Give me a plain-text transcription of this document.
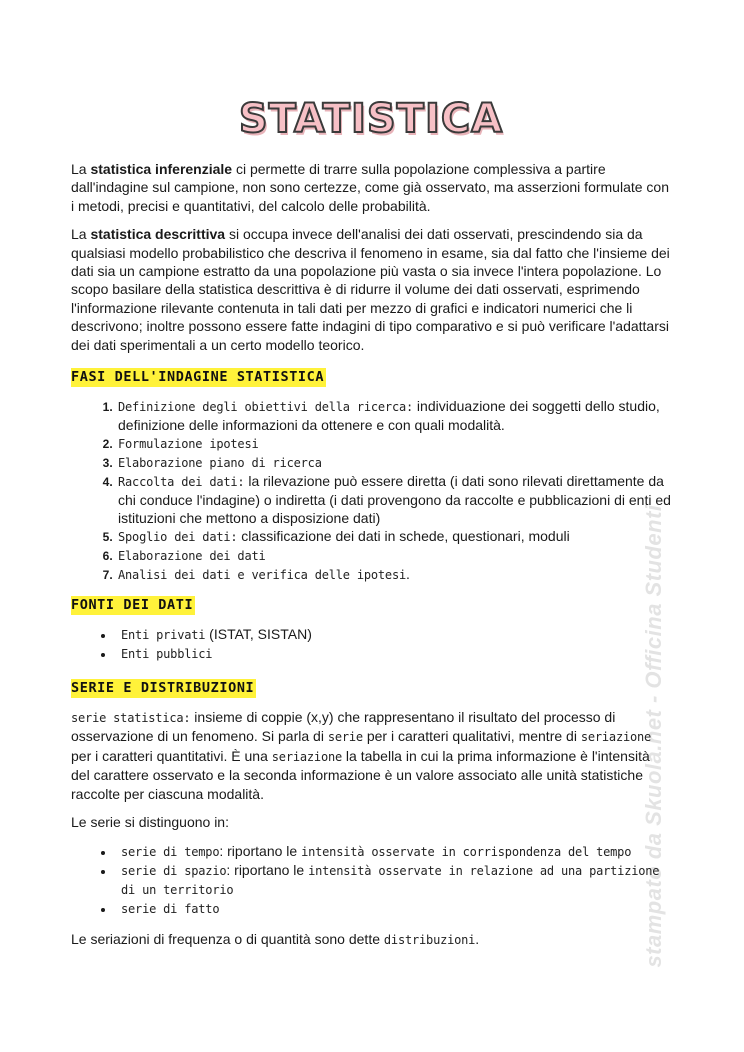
stampato da Skuola.net - Officina Studenti
STATISTICA

La statistica inferenziale ci permette di trarre sulla popolazione complessiva a partire dall'indagine sul campione, non sono certezze, come già osservato, ma asserzioni formulate con i metodi, precisi e quantitativi, del calcolo delle probabilità.

La statistica descrittiva si occupa invece dell'analisi dei dati osservati, prescindendo sia da qualsiasi modello probabilistico che descriva il fenomeno in esame, sia dal fatto che l'insieme dei dati sia un campione estratto da una popolazione più vasta o sia invece l'intera popolazione. Lo scopo basilare della statistica descrittiva è di ridurre il volume dei dati osservati, esprimendo l'informazione rilevante contenuta in tali dati per mezzo di grafici e indicatori numerici che li descrivono; inoltre possono essere fatte indagini di tipo comparativo e si può verificare l'adattarsi dei dati sperimentali a un certo modello teorico.

FASI DELL'INDAGINE STATISTICA
1. Definizione degli obiettivi della ricerca: individuazione dei soggetti dello studio, definizione delle informazioni da ottenere e con quali modalità.
2. Formulazione ipotesi
3. Elaborazione piano di ricerca
4. Raccolta dei dati: la rilevazione può essere diretta (i dati sono rilevati direttamente da chi conduce l'indagine) o indiretta (i dati provengono da raccolte e pubblicazioni di enti ed istituzioni che mettono a disposizione dati)
5. Spoglio dei dati: classificazione dei dati in schede, questionari, moduli
6. Elaborazione dei dati
7. Analisi dei dati e verifica delle ipotesi.
FONTI DEI DATI
• Enti privati (ISTAT, SISTAN)
• Enti pubblici
SERIE E DISTRIBUZIONI

serie statistica: insieme di coppie (x,y) che rappresentano il risultato del processo di osservazione di un fenomeno. Si parla di serie per i caratteri qualitativi, mentre di seriazione per i caratteri quantitativi. È una seriazione la tabella in cui la prima informazione è l'intensità del carattere osservato e la seconda informazione è un valore associato alle unità statistiche raccolte per ciascuna modalità.

Le serie si distinguono in:

• serie di tempo: riportano le intensità osservate in corrispondenza del tempo
• serie di spazio: riportano le intensità osservate in relazione ad una partizione di un territorio
• serie di fatto

Le seriazioni di frequenza o di quantità sono dette distribuzioni.
